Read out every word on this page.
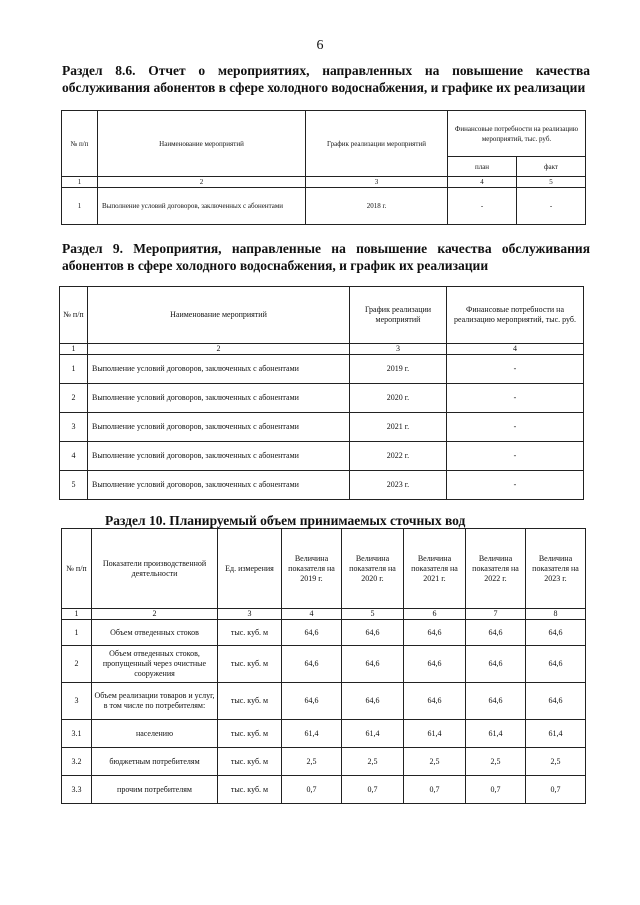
6
Раздел 8.6. Отчет о мероприятиях, направленных на повышение качества обслуживания абонентов в сфере холодного водоснабжения, и графике их реализации
№ п/п	Наименование мероприятий	График реализации мероприятий	Финансовые потребности на реализацию мероприятий, тыс. руб.	
			план	факт
1	2	3	4	5
1	Выполнение условий договоров, заключенных с абонентами	2018 г.	-	-
Раздел 9. Мероприятия, направленные на повышение качества обслуживания абонентов в сфере холодного водоснабжения, и график их реализации
№ п/п	Наименование мероприятий	График реализации мероприятий	Финансовые потребности на реализацию мероприятий, тыс. руб.
1	2	3	4
1	Выполнение условий договоров, заключенных с абонентами	2019 г.	-
2	Выполнение условий договоров, заключенных с абонентами	2020 г.	-
3	Выполнение условий договоров, заключенных с абонентами	2021 г.	-
4	Выполнение условий договоров, заключенных с абонентами	2022 г.	-
5	Выполнение условий договоров, заключенных с абонентами	2023 г.	-
Раздел 10. Планируемый объем принимаемых сточных вод
№ п/п	Показатели производственной деятельности	Ед. измерения	Величина показателя на 2019 г.	Величина показателя на 2020 г.	Величина показателя на 2021 г.	Величина показателя на 2022 г.	Величина показателя на 2023 г.
1	2	3	4	5	6	7	8
1	Объем отведенных стоков	тыс. куб. м	64,6	64,6	64,6	64,6	64,6
2	Объем отведенных стоков, пропущенный через очистные сооружения	тыс. куб. м	64,6	64,6	64,6	64,6	64,6
3	Объем реализации товаров и услуг, в том числе по потребителям:	тыс. куб. м	64,6	64,6	64,6	64,6	64,6
3.1	населению	тыс. куб. м	61,4	61,4	61,4	61,4	61,4
3.2	бюджетным потребителям	тыс. куб. м	2,5	2,5	2,5	2,5	2,5
3.3	прочим потребителям	тыс. куб. м	0,7	0,7	0,7	0,7	0,7
